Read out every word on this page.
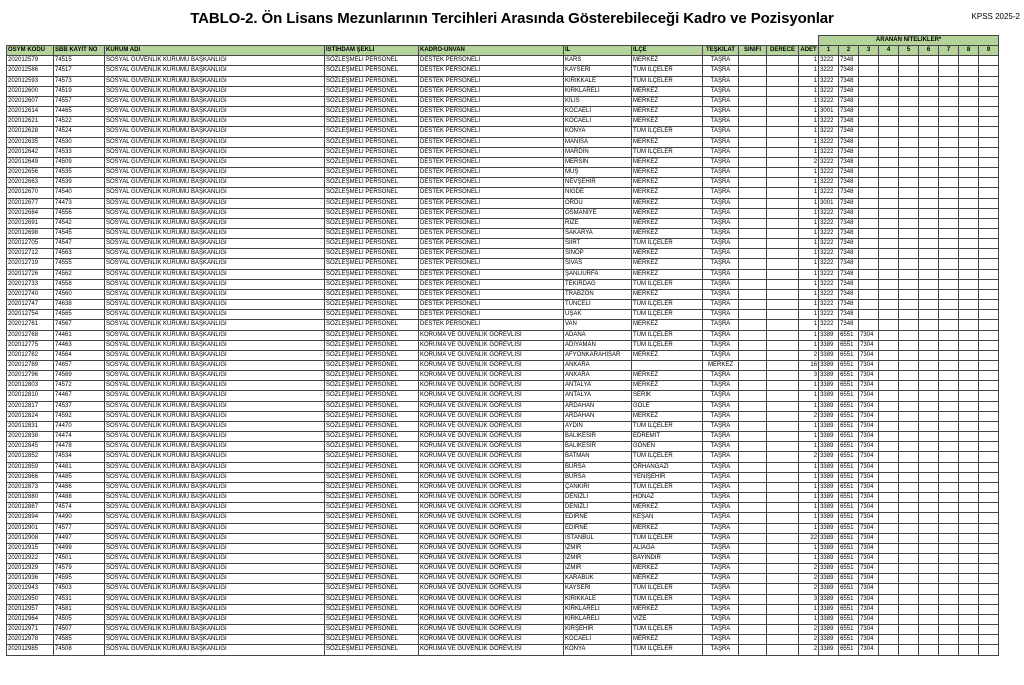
TABLO-2. Ön Lisans Mezunlarının Tercihleri Arasında Gösterebileceği Kadro ve Pozisyonlar	KPSS 2025-2
											ARANAN NİTELİKLER*								
ÖSYM KODU	SBB KAYIT NO	KURUM ADI	İSTİHDAM ŞEKLİ	KADRO-ÜNVAN	İL	İLÇE	TEŞKİLAT	SINIFI	DERECE	ADET	1	2	3	4	5	6	7	8	9
202012579	74515	SOSYAL GÜVENLİK KURUMU BAŞKANLIĞI	SÖZLEŞMELİ PERSONEL	DESTEK PERSONELİ	KARS	MERKEZ	TAŞRA			1	3222	7348							
202012586	74517	SOSYAL GÜVENLİK KURUMU BAŞKANLIĞI	SÖZLEŞMELİ PERSONEL	DESTEK PERSONELİ	KAYSERİ	TÜM İLÇELER	TAŞRA			1	3222	7348							
202012593	74573	SOSYAL GÜVENLİK KURUMU BAŞKANLIĞI	SÖZLEŞMELİ PERSONEL	DESTEK PERSONELİ	KIRIKKALE	TÜM İLÇELER	TAŞRA			1	3222	7348							
202012600	74519	SOSYAL GÜVENLİK KURUMU BAŞKANLIĞI	SÖZLEŞMELİ PERSONEL	DESTEK PERSONELİ	KIRKLARELİ	MERKEZ	TAŞRA			1	3222	7348							
202012607	74557	SOSYAL GÜVENLİK KURUMU BAŞKANLIĞI	SÖZLEŞMELİ PERSONEL	DESTEK PERSONELİ	KİLİS	MERKEZ	TAŞRA			1	3222	7348							
202012614	74465	SOSYAL GÜVENLİK KURUMU BAŞKANLIĞI	SÖZLEŞMELİ PERSONEL	DESTEK PERSONELİ	KOCAELİ	MERKEZ	TAŞRA			1	3001	7348							
202012621	74522	SOSYAL GÜVENLİK KURUMU BAŞKANLIĞI	SÖZLEŞMELİ PERSONEL	DESTEK PERSONELİ	KOCAELİ	MERKEZ	TAŞRA			1	3222	7348							
202012628	74524	SOSYAL GÜVENLİK KURUMU BAŞKANLIĞI	SÖZLEŞMELİ PERSONEL	DESTEK PERSONELİ	KONYA	TÜM İLÇELER	TAŞRA			1	3222	7348							
202012635	74530	SOSYAL GÜVENLİK KURUMU BAŞKANLIĞI	SÖZLEŞMELİ PERSONEL	DESTEK PERSONELİ	MANİSA	MERKEZ	TAŞRA			1	3222	7348							
202012642	74533	SOSYAL GÜVENLİK KURUMU BAŞKANLIĞI	SÖZLEŞMELİ PERSONEL	DESTEK PERSONELİ	MARDİN	TÜM İLÇELER	TAŞRA			1	3222	7348							
202012649	74509	SOSYAL GÜVENLİK KURUMU BAŞKANLIĞI	SÖZLEŞMELİ PERSONEL	DESTEK PERSONELİ	MERSİN	MERKEZ	TAŞRA			2	3222	7348							
202012656	74535	SOSYAL GÜVENLİK KURUMU BAŞKANLIĞI	SÖZLEŞMELİ PERSONEL	DESTEK PERSONELİ	MUŞ	MERKEZ	TAŞRA			1	3222	7348							
202012663	74539	SOSYAL GÜVENLİK KURUMU BAŞKANLIĞI	SÖZLEŞMELİ PERSONEL	DESTEK PERSONELİ	NEVŞEHİR	MERKEZ	TAŞRA			1	3222	7348							
202012670	74540	SOSYAL GÜVENLİK KURUMU BAŞKANLIĞI	SÖZLEŞMELİ PERSONEL	DESTEK PERSONELİ	NİĞDE	MERKEZ	TAŞRA			1	3222	7348							
202012677	74473	SOSYAL GÜVENLİK KURUMU BAŞKANLIĞI	SÖZLEŞMELİ PERSONEL	DESTEK PERSONELİ	ORDU	MERKEZ	TAŞRA			1	3001	7348							
202012684	74556	SOSYAL GÜVENLİK KURUMU BAŞKANLIĞI	SÖZLEŞMELİ PERSONEL	DESTEK PERSONELİ	OSMANİYE	MERKEZ	TAŞRA			1	3222	7348							
202012691	74542	SOSYAL GÜVENLİK KURUMU BAŞKANLIĞI	SÖZLEŞMELİ PERSONEL	DESTEK PERSONELİ	RİZE	MERKEZ	TAŞRA			1	3222	7348							
202012698	74545	SOSYAL GÜVENLİK KURUMU BAŞKANLIĞI	SÖZLEŞMELİ PERSONEL	DESTEK PERSONELİ	SAKARYA	MERKEZ	TAŞRA			1	3222	7348							
202012705	74547	SOSYAL GÜVENLİK KURUMU BAŞKANLIĞI	SÖZLEŞMELİ PERSONEL	DESTEK PERSONELİ	SİİRT	TÜM İLÇELER	TAŞRA			1	3222	7348							
202012712	74563	SOSYAL GÜVENLİK KURUMU BAŞKANLIĞI	SÖZLEŞMELİ PERSONEL	DESTEK PERSONELİ	SİNOP	MERKEZ	TAŞRA			1	3222	7348							
202012719	74555	SOSYAL GÜVENLİK KURUMU BAŞKANLIĞI	SÖZLEŞMELİ PERSONEL	DESTEK PERSONELİ	SİVAS	MERKEZ	TAŞRA			1	3222	7348							
202012726	74562	SOSYAL GÜVENLİK KURUMU BAŞKANLIĞI	SÖZLEŞMELİ PERSONEL	DESTEK PERSONELİ	ŞANLIURFA	MERKEZ	TAŞRA			1	3222	7348							
202012733	74558	SOSYAL GÜVENLİK KURUMU BAŞKANLIĞI	SÖZLEŞMELİ PERSONEL	DESTEK PERSONELİ	TEKİRDAĞ	TÜM İLÇELER	TAŞRA			1	3222	7348							
202012740	74560	SOSYAL GÜVENLİK KURUMU BAŞKANLIĞI	SÖZLEŞMELİ PERSONEL	DESTEK PERSONELİ	TRABZON	MERKEZ	TAŞRA			1	3222	7348							
202012747	74638	SOSYAL GÜVENLİK KURUMU BAŞKANLIĞI	SÖZLEŞMELİ PERSONEL	DESTEK PERSONELİ	TUNCELİ	TÜM İLÇELER	TAŞRA			1	3222	7348							
202012754	74565	SOSYAL GÜVENLİK KURUMU BAŞKANLIĞI	SÖZLEŞMELİ PERSONEL	DESTEK PERSONELİ	UŞAK	TÜM İLÇELER	TAŞRA			1	3222	7348							
202012761	74567	SOSYAL GÜVENLİK KURUMU BAŞKANLIĞI	SÖZLEŞMELİ PERSONEL	DESTEK PERSONELİ	VAN	MERKEZ	TAŞRA			1	3222	7348							
202012768	74461	SOSYAL GÜVENLİK KURUMU BAŞKANLIĞI	SÖZLEŞMELİ PERSONEL	KORUMA VE GÜVENLİK GÖREVLİSİ	ADANA	TÜM İLÇELER	TAŞRA			1	3389	6551	7304						
202012775	74463	SOSYAL GÜVENLİK KURUMU BAŞKANLIĞI	SÖZLEŞMELİ PERSONEL	KORUMA VE GÜVENLİK GÖREVLİSİ	ADIYAMAN	TÜM İLÇELER	TAŞRA			1	3389	6551	7304						
202012782	74564	SOSYAL GÜVENLİK KURUMU BAŞKANLIĞI	SÖZLEŞMELİ PERSONEL	KORUMA VE GÜVENLİK GÖREVLİSİ	AFYONKARAHİSAR	MERKEZ	TAŞRA			2	3389	6551	7304						
202012789	74657	SOSYAL GÜVENLİK KURUMU BAŞKANLIĞI	SÖZLEŞMELİ PERSONEL	KORUMA VE GÜVENLİK GÖREVLİSİ	ANKARA		MERKEZ			16	3389	6551	7304						
202012796	74569	SOSYAL GÜVENLİK KURUMU BAŞKANLIĞI	SÖZLEŞMELİ PERSONEL	KORUMA VE GÜVENLİK GÖREVLİSİ	ANKARA	MERKEZ	TAŞRA			3	3389	6551	7304						
202012803	74572	SOSYAL GÜVENLİK KURUMU BAŞKANLIĞI	SÖZLEŞMELİ PERSONEL	KORUMA VE GÜVENLİK GÖREVLİSİ	ANTALYA	MERKEZ	TAŞRA			1	3389	6551	7304						
202012810	74467	SOSYAL GÜVENLİK KURUMU BAŞKANLIĞI	SÖZLEŞMELİ PERSONEL	KORUMA VE GÜVENLİK GÖREVLİSİ	ANTALYA	SERİK	TAŞRA			1	3389	6551	7304						
202012817	74537	SOSYAL GÜVENLİK KURUMU BAŞKANLIĞI	SÖZLEŞMELİ PERSONEL	KORUMA VE GÜVENLİK GÖREVLİSİ	ARDAHAN	GÖLE	TAŞRA			1	3389	6551	7304						
202012824	74592	SOSYAL GÜVENLİK KURUMU BAŞKANLIĞI	SÖZLEŞMELİ PERSONEL	KORUMA VE GÜVENLİK GÖREVLİSİ	ARDAHAN	MERKEZ	TAŞRA			2	3389	6551	7304						
202012831	74470	SOSYAL GÜVENLİK KURUMU BAŞKANLIĞI	SÖZLEŞMELİ PERSONEL	KORUMA VE GÜVENLİK GÖREVLİSİ	AYDIN	TÜM İLÇELER	TAŞRA			1	3389	6551	7304						
202012838	74474	SOSYAL GÜVENLİK KURUMU BAŞKANLIĞI	SÖZLEŞMELİ PERSONEL	KORUMA VE GÜVENLİK GÖREVLİSİ	BALIKESİR	EDREMİT	TAŞRA			1	3389	6551	7304						
202012845	74478	SOSYAL GÜVENLİK KURUMU BAŞKANLIĞI	SÖZLEŞMELİ PERSONEL	KORUMA VE GÜVENLİK GÖREVLİSİ	BALIKESİR	GÖNEN	TAŞRA			1	3389	6551	7304						
202012852	74534	SOSYAL GÜVENLİK KURUMU BAŞKANLIĞI	SÖZLEŞMELİ PERSONEL	KORUMA VE GÜVENLİK GÖREVLİSİ	BATMAN	TÜM İLÇELER	TAŞRA			2	3389	6551	7304						
202012859	74481	SOSYAL GÜVENLİK KURUMU BAŞKANLIĞI	SÖZLEŞMELİ PERSONEL	KORUMA VE GÜVENLİK GÖREVLİSİ	BURSA	ORHANGAZİ	TAŞRA			1	3389	6551	7304						
202012866	74485	SOSYAL GÜVENLİK KURUMU BAŞKANLIĞI	SÖZLEŞMELİ PERSONEL	KORUMA VE GÜVENLİK GÖREVLİSİ	BURSA	YENİŞEHİR	TAŞRA			1	3389	6551	7304						
202012873	74486	SOSYAL GÜVENLİK KURUMU BAŞKANLIĞI	SÖZLEŞMELİ PERSONEL	KORUMA VE GÜVENLİK GÖREVLİSİ	ÇANKIRI	TÜM İLÇELER	TAŞRA			1	3389	6551	7304						
202012880	74488	SOSYAL GÜVENLİK KURUMU BAŞKANLIĞI	SÖZLEŞMELİ PERSONEL	KORUMA VE GÜVENLİK GÖREVLİSİ	DENİZLİ	HONAZ	TAŞRA			1	3389	6551	7304						
202012887	74574	SOSYAL GÜVENLİK KURUMU BAŞKANLIĞI	SÖZLEŞMELİ PERSONEL	KORUMA VE GÜVENLİK GÖREVLİSİ	DENİZLİ	MERKEZ	TAŞRA			1	3389	6551	7304						
202012894	74490	SOSYAL GÜVENLİK KURUMU BAŞKANLIĞI	SÖZLEŞMELİ PERSONEL	KORUMA VE GÜVENLİK GÖREVLİSİ	EDİRNE	KEŞAN	TAŞRA			1	3389	6551	7304						
202012901	74577	SOSYAL GÜVENLİK KURUMU BAŞKANLIĞI	SÖZLEŞMELİ PERSONEL	KORUMA VE GÜVENLİK GÖREVLİSİ	EDİRNE	MERKEZ	TAŞRA			1	3389	6551	7304						
202012908	74497	SOSYAL GÜVENLİK KURUMU BAŞKANLIĞI	SÖZLEŞMELİ PERSONEL	KORUMA VE GÜVENLİK GÖREVLİSİ	İSTANBUL	TÜM İLÇELER	TAŞRA			22	3389	6551	7304						
202012915	74499	SOSYAL GÜVENLİK KURUMU BAŞKANLIĞI	SÖZLEŞMELİ PERSONEL	KORUMA VE GÜVENLİK GÖREVLİSİ	İZMİR	ALİAĞA	TAŞRA			1	3389	6551	7304						
202012922	74501	SOSYAL GÜVENLİK KURUMU BAŞKANLIĞI	SÖZLEŞMELİ PERSONEL	KORUMA VE GÜVENLİK GÖREVLİSİ	İZMİR	BAYINDIR	TAŞRA			1	3389	6551	7304						
202012929	74579	SOSYAL GÜVENLİK KURUMU BAŞKANLIĞI	SÖZLEŞMELİ PERSONEL	KORUMA VE GÜVENLİK GÖREVLİSİ	İZMİR	MERKEZ	TAŞRA			2	3389	6551	7304						
202012936	74595	SOSYAL GÜVENLİK KURUMU BAŞKANLIĞI	SÖZLEŞMELİ PERSONEL	KORUMA VE GÜVENLİK GÖREVLİSİ	KARABÜK	MERKEZ	TAŞRA			2	3389	6551	7304						
202012943	74503	SOSYAL GÜVENLİK KURUMU BAŞKANLIĞI	SÖZLEŞMELİ PERSONEL	KORUMA VE GÜVENLİK GÖREVLİSİ	KAYSERİ	TÜM İLÇELER	TAŞRA			2	3389	6551	7304						
202012950	74531	SOSYAL GÜVENLİK KURUMU BAŞKANLIĞI	SÖZLEŞMELİ PERSONEL	KORUMA VE GÜVENLİK GÖREVLİSİ	KIRIKKALE	TÜM İLÇELER	TAŞRA			3	3389	6551	7304						
202012957	74581	SOSYAL GÜVENLİK KURUMU BAŞKANLIĞI	SÖZLEŞMELİ PERSONEL	KORUMA VE GÜVENLİK GÖREVLİSİ	KIRKLARELİ	MERKEZ	TAŞRA			1	3389	6551	7304						
202012964	74505	SOSYAL GÜVENLİK KURUMU BAŞKANLIĞI	SÖZLEŞMELİ PERSONEL	KORUMA VE GÜVENLİK GÖREVLİSİ	KIRKLARELİ	VİZE	TAŞRA			1	3389	6551	7304						
202012971	74507	SOSYAL GÜVENLİK KURUMU BAŞKANLIĞI	SÖZLEŞMELİ PERSONEL	KORUMA VE GÜVENLİK GÖREVLİSİ	KIRŞEHİR	TÜM İLÇELER	TAŞRA			2	3389	6551	7304						
202012978	74585	SOSYAL GÜVENLİK KURUMU BAŞKANLIĞI	SÖZLEŞMELİ PERSONEL	KORUMA VE GÜVENLİK GÖREVLİSİ	KOCAELİ	MERKEZ	TAŞRA			2	3389	6551	7304						
202012985	74508	SOSYAL GÜVENLİK KURUMU BAŞKANLIĞI	SÖZLEŞMELİ PERSONEL	KORUMA VE GÜVENLİK GÖREVLİSİ	KONYA	TÜM İLÇELER	TAŞRA			2	3389	6551	7304						
